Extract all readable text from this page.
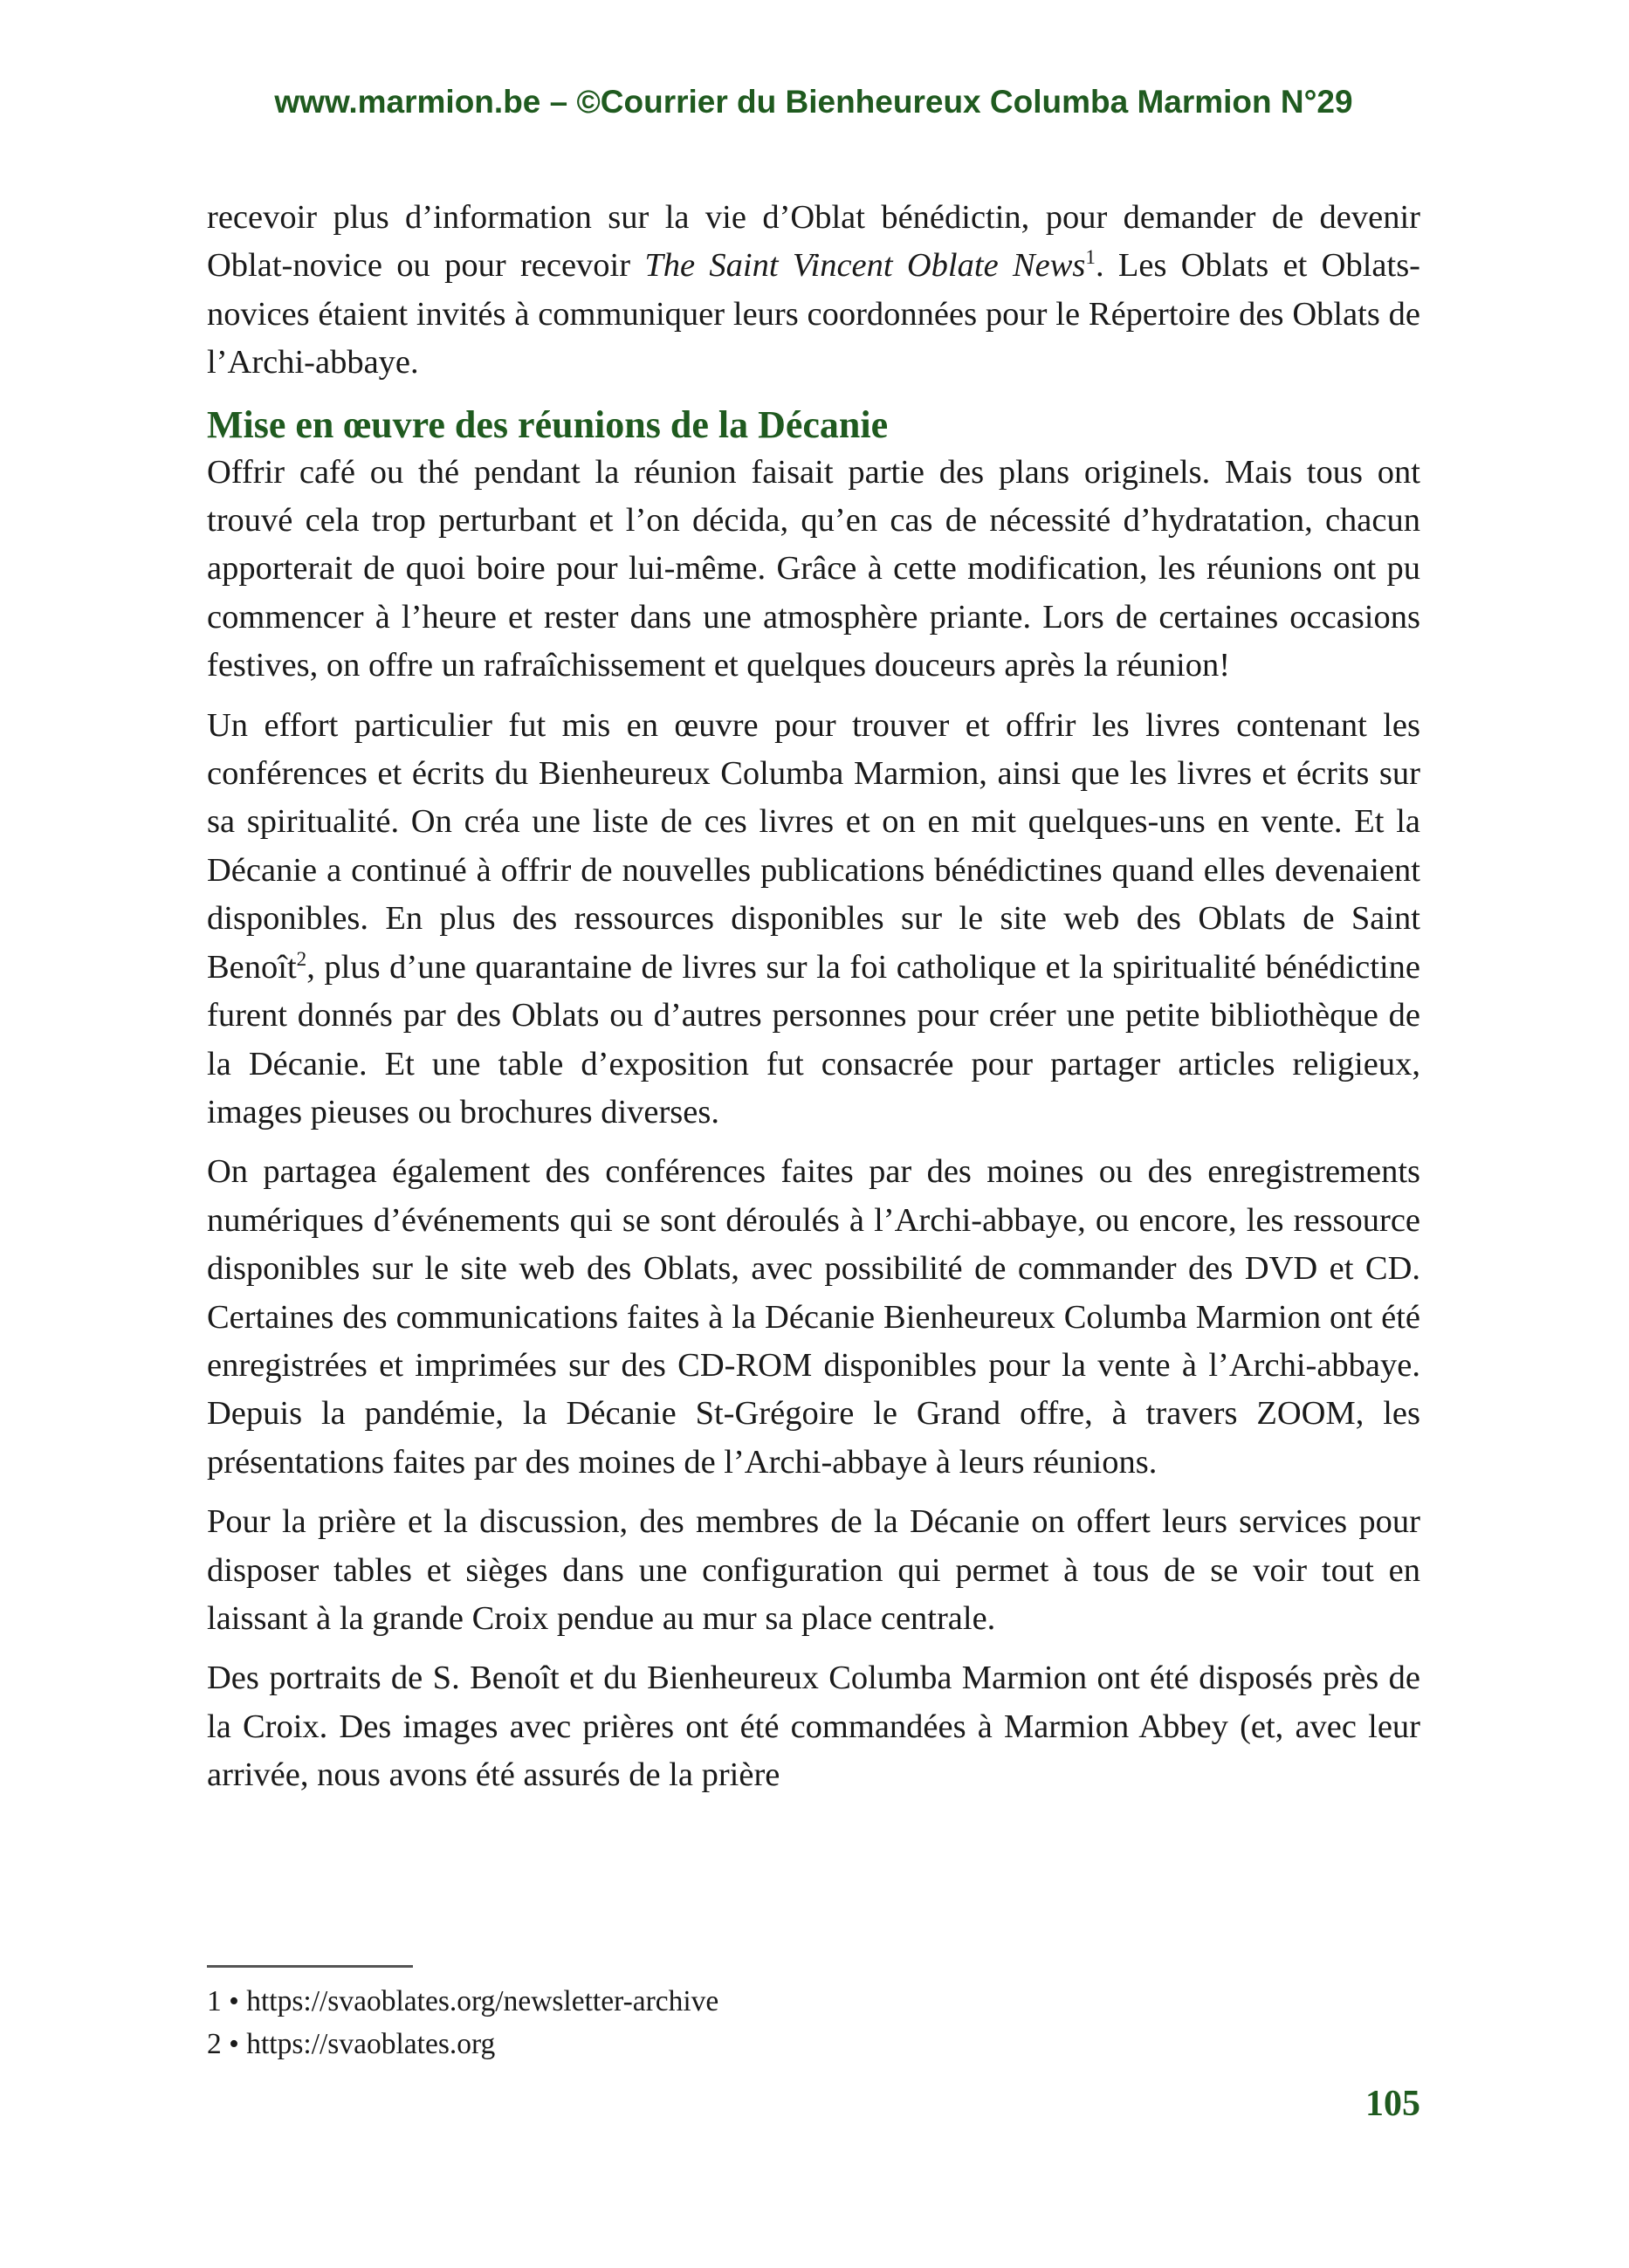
www.marmion.be – ©Courrier du Bienheureux Columba Marmion N°29

recevoir plus d’information sur la vie d’Oblat bénédictin, pour demander de devenir Oblat-novice ou pour recevoir The Saint Vincent Oblate News$^1$. Les Oblats et Oblats-novices étaient invités à communiquer leurs coordonnées pour le Répertoire des Oblats de l’Archi-abbaye.

Mise en œuvre des réunions de la Décanie

Offrir café ou thé pendant la réunion faisait partie des plans originels. Mais tous ont trouvé cela trop perturbant et l’on décida, qu’en cas de nécessité d’hydratation, chacun apporterait de quoi boire pour lui-même. Grâce à cette modification, les réunions ont pu commencer à l’heure et rester dans une atmosphère priante. Lors de certaines occasions festives, on offre un rafraîchissement et quelques douceurs après la réunion!

Un effort particulier fut mis en œuvre pour trouver et offrir les livres contenant les conférences et écrits du Bienheureux Columba Marmion, ainsi que les livres et écrits sur sa spiritualité. On créa une liste de ces livres et on en mit quelques-uns en vente. Et la Décanie a continué à offrir de nouvelles publications bénédictines quand elles devenaient disponibles. En plus des ressources disponibles sur le site web des Oblats de Saint Benoît$^2$, plus d’une quarantaine de livres sur la foi catholique et la spiritualité bénédictine furent donnés par des Oblats ou d’autres personnes pour créer une petite bibliothèque de la Décanie. Et une table d’exposition fut consacrée pour partager articles religieux, images pieuses ou brochures diverses.

On partagea également des conférences faites par des moines ou des enregistrements numériques d’événements qui se sont déroulés à l’Archi-abbaye, ou encore, les ressource disponibles sur le site web des Oblats, avec possibilité de commander des DVD et CD. Certaines des communications faites à la Décanie Bienheureux Columba Marmion ont été enregistrées et imprimées sur des CD-ROM disponibles pour la vente à l’Archi-abbaye. Depuis la pandémie, la Décanie St-Grégoire le Grand offre, à travers ZOOM, les présentations faites par des moines de l’Archi-abbaye à leurs réunions.

Pour la prière et la discussion, des membres de la Décanie on offert leurs services pour disposer tables et sièges dans une configuration qui permet à tous de se voir tout en laissant à la grande Croix pendue au mur sa place centrale.

Des portraits de S. Benoît et du Bienheureux Columba Marmion ont été disposés près de la Croix. Des images avec prières ont été commandées à Marmion Abbey (et, avec leur arrivée, nous avons été assurés de la prière

1 • https://svaoblates.org/newsletter-archive
2 • https://svaoblates.org
105
